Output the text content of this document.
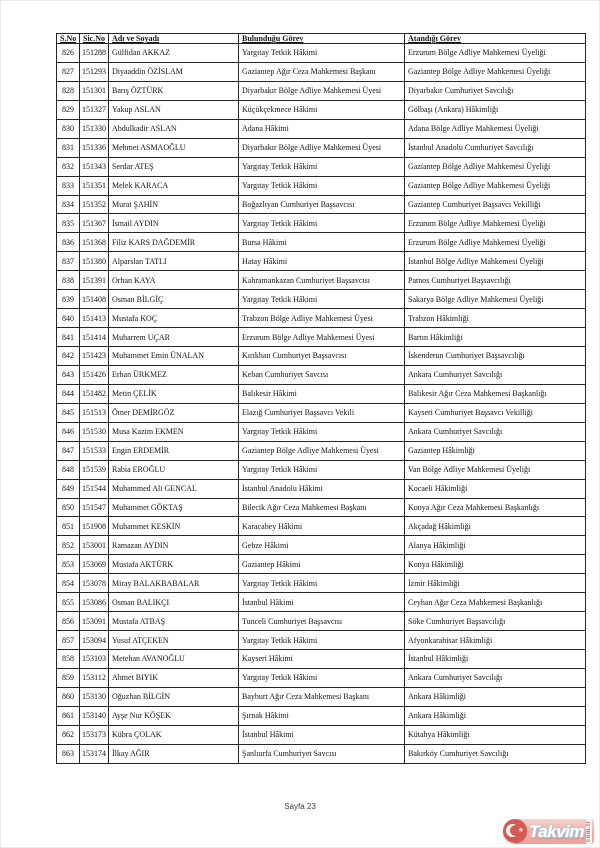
S.No	Sic.No	Adı ve Soyadı	Bulunduğu Görev	Atandığı Görev
826	151288	Gülfidan AKKAZ	Yargıtay Tetkik Hâkimi	Erzurum Bölge Adliye Mahkemesi Üyeliği
827	151293	Diyaaddin ÖZİSLAM	Gaziantep Ağır Ceza Mahkemesi Başkanı	Gaziantep Bölge Adliye Mahkemesi Üyeliği
828	151301	Barış ÖZTÜRK	Diyarbakır Bölge Adliye Mahkemesi Üyesi	Diyarbakır Cumhuriyet Savcılığı
829	151327	Yakup ASLAN	Küçükçekmece Hâkimi	Gölbaşı (Ankara) Hâkimliği
830	151330	Abdulkadir ASLAN	Adana Hâkimi	Adana Bölge Adliye Mahkemesi Üyeliği
831	151336	Mehmet ASMAOĞLU	Diyarbakır Bölge Adliye Mahkemesi Üyesi	İstanbul Anadolu Cumhuriyet Savcılığı
832	151343	Serdar ATEŞ	Yargıtay Tetkik Hâkimi	Gaziantep Bölge Adliye Mahkemesi Üyeliği
833	151351	Melek KARACA	Yargıtay Tetkik Hâkimi	Gaziantep Bölge Adliye Mahkemesi Üyeliği
834	151352	Murat ŞAHİN	Boğazlıyan Cumhuriyet Başsavcısı	Gaziantep Cumhuriyet Başsavcı Vekilliği
835	151367	İsmail AYDIN	Yargıtay Tetkik Hâkimi	Erzurum Bölge Adliye Mahkemesi Üyeliği
836	151368	Filiz KARS DAĞDEMİR	Bursa Hâkimi	Erzurum Bölge Adliye Mahkemesi Üyeliği
837	151380	Alparslan TATLI	Hatay Hâkimi	İstanbul Bölge Adliye Mahkemesi Üyeliği
838	151391	Orhan KAYA	Kahramankazan Cumhuriyet Başsavcısı	Patnos Cumhuriyet Başsavcılığı
839	151408	Osman BİLGİÇ	Yargıtay Tetkik Hâkimi	Sakarya Bölge Adliye Mahkemesi Üyeliği
840	151413	Mustafa KOÇ	Trabzon Bölge Adliye Mahkemesi Üyesi	Trabzon Hâkimliği
841	151414	Muharrem UÇAR	Erzurum Bölge Adliye Mahkemesi Üyesi	Bartın Hâkimliği
842	151423	Muhammet Emin ÜNALAN	Kırıkhan Cumhuriyet Başsavcısı	İskenderun Cumhuriyet Başsavcılığı
843	151426	Erhan ÜRKMEZ	Keban Cumhuriyet Savcısı	Ankara Cumhuriyet Savcılığı
844	151482	Metin ÇELİK	Balıkesir Hâkimi	Balıkesir Ağır Ceza Mahkemesi Başkanlığı
845	151513	Ömer DEMİRGÖZ	Elazığ Cumhuriyet Başsavcı Vekili	Kayseri Cumhuriyet Başsavcı Vekilliği
846	151530	Musa Kazım EKMEN	Yargıtay Tetkik Hâkimi	Ankara Cumhuriyet Savcılığı
847	151533	Engin ERDEMİR	Gaziantep Bölge Adliye Mahkemesi Üyesi	Gaziantep Hâkimliği
848	151539	Rabia EROĞLU	Yargıtay Tetkik Hâkimi	Van Bölge Adliye Mahkemesi Üyeliği
849	151544	Muhammed Ali GENCAL	İstanbul Anadolu Hâkimi	Kocaeli Hâkimliği
850	151547	Muhammet GÖKTAŞ	Bilecik Ağır Ceza Mahkemesi Başkanı	Konya Ağır Ceza Mahkemesi Başkanlığı
851	151908	Muhammet KESKİN	Karacabey Hâkimi	Akçadağ Hâkimliği
852	153001	Ramazan AYDIN	Gebze Hâkimi	Alanya Hâkimliği
853	153069	Mustafa AKTÜRK	Gaziantep Hâkimi	Konya Hâkimliği
854	153078	Miray BALAKBABALAR	Yargıtay Tetkik Hâkimi	İzmir Hâkimliği
855	153086	Osman BALIKÇI	İstanbul Hâkimi	Ceyhan Ağır Ceza Mahkemesi Başkanlığı
856	153091	Mustafa ATBAŞ	Tunceli Cumhuriyet Başsavcısı	Söke Cumhuriyet Başsavcılığı
857	153094	Yusuf ATÇEKEN	Yargıtay Tetkik Hâkimi	Afyonkarahisar Hâkimliği
858	153103	Metehan AVANOĞLU	Kayseri Hâkimi	İstanbul Hâkimliği
859	153112	Ahmet BIYIK	Yargıtay Tetkik Hâkimi	Ankara Cumhuriyet Savcılığı
860	153130	Oğuzhan BİLGİN	Bayburt Ağır Ceza Mahkemesi Başkanı	Ankara Hâkimliği
861	153140	Ayşe Nur KÖŞEK	Şırnak Hâkimi	Ankara Hâkimliği
862	153173	Kübra ÇOLAK	İstanbul Hâkimi	Kütahya Hâkimliği
863	153174	İlkay AĞIR	Şanlıurfa Cumhuriyet Savcısı	Bakırköy Cumhuriyet Savcılığı
Sayfa 23
★ Takvim com.tr
